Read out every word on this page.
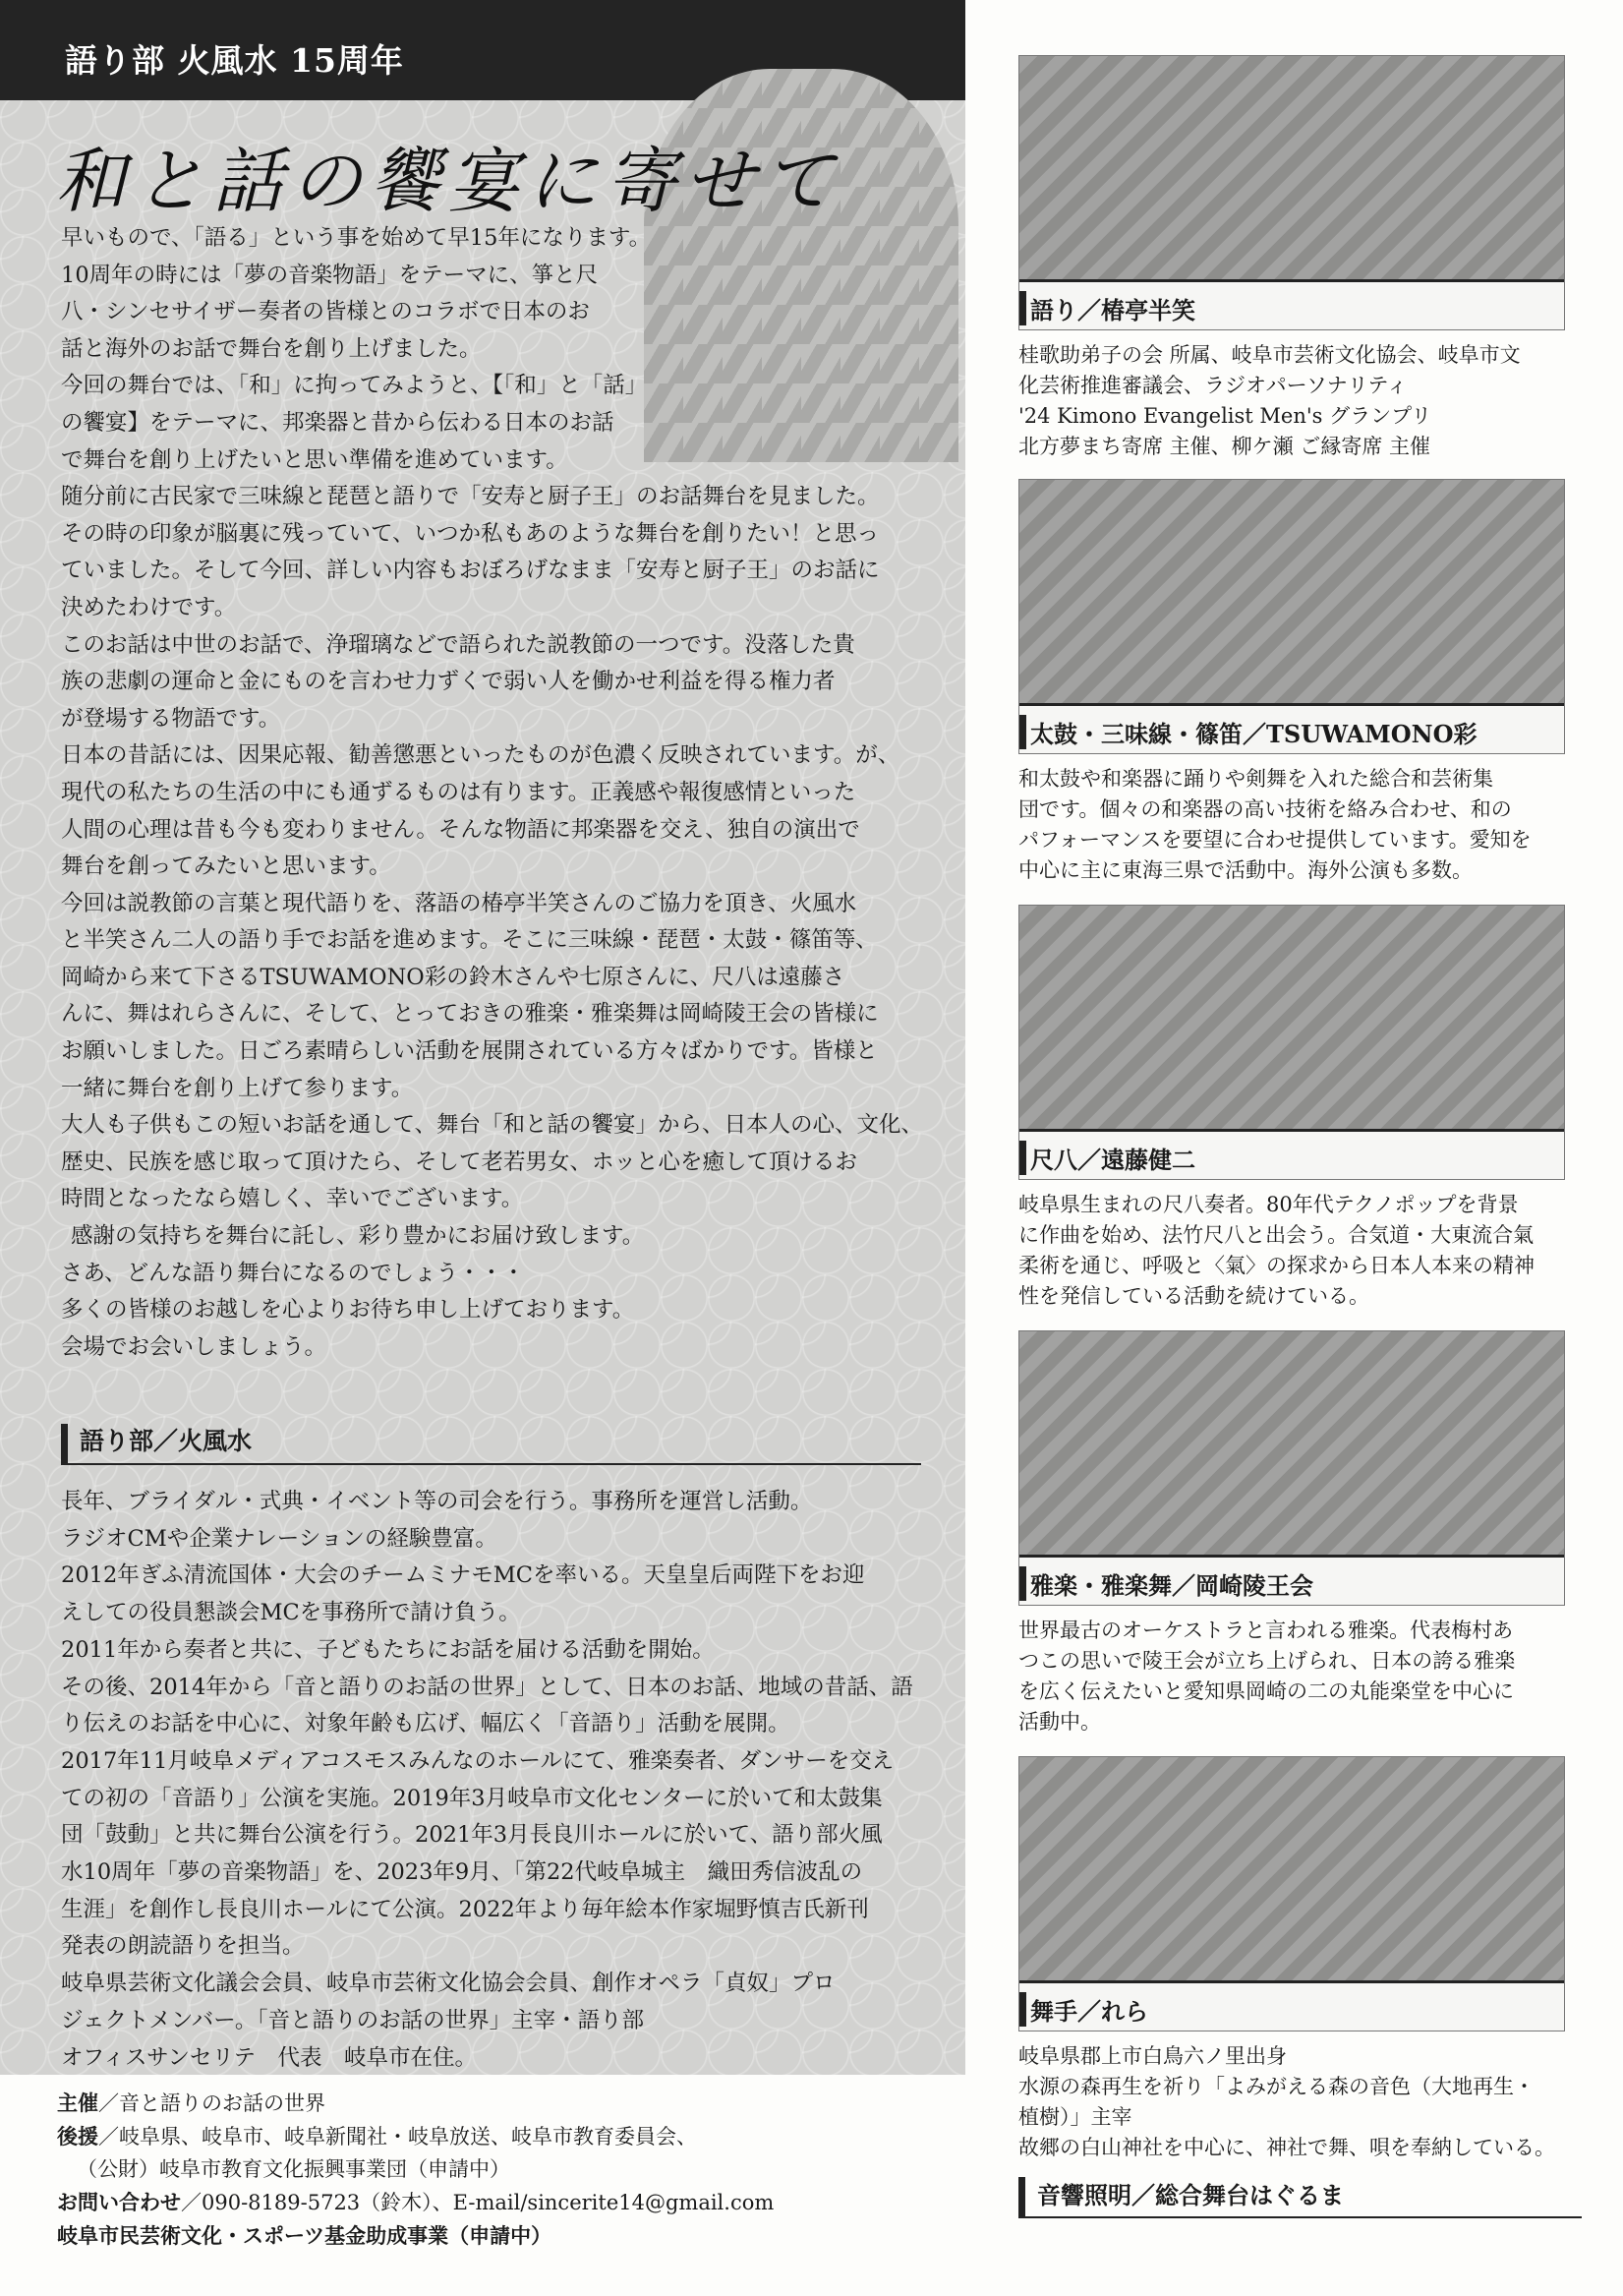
語り部 火風水 15周年
和と話の饗宴に寄せて

早いもので、「語る」という事を始めて早15年になります。

10周年の時には「夢の音楽物語」をテーマに、箏と尺

八・シンセサイザー奏者の皆様とのコラボで日本のお

話と海外のお話で舞台を創り上げました。

今回の舞台では、「和」に拘ってみようと、【「和」と「話」

の饗宴】をテーマに、邦楽器と昔から伝わる日本のお話

で舞台を創り上げたいと思い準備を進めています。

随分前に古民家で三味線と琵琶と語りで「安寿と厨子王」のお話舞台を見ました。

その時の印象が脳裏に残っていて、いつか私もあのような舞台を創りたい！と思っ

ていました。そして今回、詳しい内容もおぼろげなまま「安寿と厨子王」のお話に

決めたわけです。

このお話は中世のお話で、浄瑠璃などで語られた説教節の一つです。没落した貴

族の悲劇の運命と金にものを言わせ力ずくで弱い人を働かせ利益を得る権力者

が登場する物語です。

日本の昔話には、因果応報、勧善懲悪といったものが色濃く反映されています。が、

現代の私たちの生活の中にも通ずるものは有ります。正義感や報復感情といった

人間の心理は昔も今も変わりません。そんな物語に邦楽器を交え、独自の演出で

舞台を創ってみたいと思います。

今回は説教節の言葉と現代語りを、落語の椿亭半笑さんのご協力を頂き、火風水

と半笑さん二人の語り手でお話を進めます。そこに三味線・琵琶・太鼓・篠笛等、

岡崎から来て下さるTSUWAMONO彩の鈴木さんや七原さんに、尺八は遠藤さ

んに、舞はれらさんに、そして、とっておきの雅楽・雅楽舞は岡崎陵王会の皆様に

お願いしました。日ごろ素晴らしい活動を展開されている方々ばかりです。皆様と

一緒に舞台を創り上げて参ります。

大人も子供もこの短いお話を通して、舞台「和と話の饗宴」から、日本人の心、文化、

歴史、民族を感じ取って頂けたら、そして老若男女、ホッと心を癒して頂けるお

時間となったなら嬉しく、幸いでございます。

感謝の気持ちを舞台に託し、彩り豊かにお届け致します。

さあ、どんな語り舞台になるのでしょう・・・

多くの皆様のお越しを心よりお待ち申し上げております。

会場でお会いしましょう。

語り部／火風水

長年、ブライダル・式典・イベント等の司会を行う。事務所を運営し活動。

ラジオCMや企業ナレーションの経験豊富。

2012年ぎふ清流国体・大会のチームミナモMCを率いる。天皇皇后両陛下をお迎

えしての役員懇談会MCを事務所で請け負う。

2011年から奏者と共に、子どもたちにお話を届ける活動を開始。

その後、2014年から「音と語りのお話の世界」として、日本のお話、地域の昔話、語

り伝えのお話を中心に、対象年齢も広げ、幅広く「音語り」活動を展開。

2017年11月岐阜メディアコスモスみんなのホールにて、雅楽奏者、ダンサーを交え

ての初の「音語り」公演を実施。2019年3月岐阜市文化センターに於いて和太鼓集

団「鼓動」と共に舞台公演を行う。2021年3月長良川ホールに於いて、語り部火風

水10周年「夢の音楽物語」を、2023年9月、「第22代岐阜城主　織田秀信波乱の

生涯」を創作し長良川ホールにて公演。2022年より毎年絵本作家堀野慎吉氏新刊

発表の朗読語りを担当。

岐阜県芸術文化議会会員、岐阜市芸術文化協会会員、創作オペラ「貞奴」プロ

ジェクトメンバー。「音と語りのお話の世界」主宰・語り部

オフィスサンセリテ　代表　岐阜市在住。

主催／音と語りのお話の世界

後援／岐阜県、岐阜市、岐阜新聞社・岐阜放送、岐阜市教育委員会、

（公財）岐阜市教育文化振興事業団（申請中）

お問い合わせ／090-8189-5723（鈴木）、E-mail/sincerite14@gmail.com

岐阜市民芸術文化・スポーツ基金助成事業（申請中）

語り／椿亭半笑

桂歌助弟子の会 所属、岐阜市芸術文化協会、岐阜市文

化芸術推進審議会、ラジオパーソナリティ

'24 Kimono Evangelist Men's グランプリ

北方夢まち寄席 主催、柳ケ瀬 ご縁寄席 主催

太鼓・三味線・篠笛／TSUWAMONO彩

和太鼓や和楽器に踊りや剣舞を入れた総合和芸術集

団です。個々の和楽器の高い技術を絡み合わせ、和の

パフォーマンスを要望に合わせ提供しています。愛知を

中心に主に東海三県で活動中。海外公演も多数。

尺八／遠藤健二

岐阜県生まれの尺八奏者。80年代テクノポップを背景

に作曲を始め、法竹尺八と出会う。合気道・大東流合氣

柔術を通じ、呼吸と〈氣〉の探求から日本人本来の精神

性を発信している活動を続けている。

雅楽・雅楽舞／岡崎陵王会

世界最古のオーケストラと言われる雅楽。代表梅村あ

つこの思いで陵王会が立ち上げられ、日本の誇る雅楽

を広く伝えたいと愛知県岡崎の二の丸能楽堂を中心に

活動中。

舞手／れら

岐阜県郡上市白鳥六ノ里出身

水源の森再生を祈り「よみがえる森の音色（大地再生・

植樹）」主宰

故郷の白山神社を中心に、神社で舞、唄を奉納している。

音響照明／総合舞台はぐるま
